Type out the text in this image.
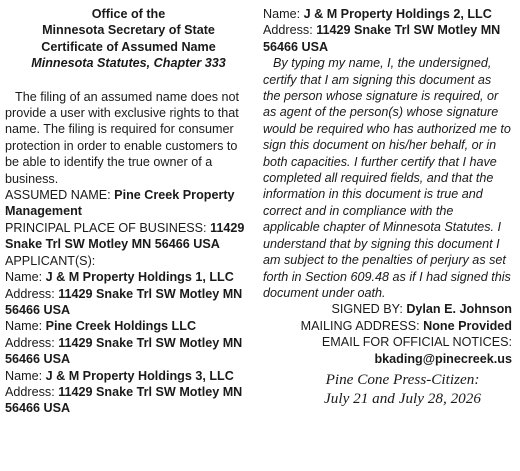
Office of the
Minnesota Secretary of State
Certificate of Assumed Name
Minnesota Statutes, Chapter 333
The filing of an assumed name does not provide a user with exclusive rights to that name. The filing is required for consumer protection in order to enable customers to be able to identify the true owner of a business.
ASSUMED NAME: Pine Creek Property Management
PRINCIPAL PLACE OF BUSINESS: 11429 Snake Trl SW Motley MN 56466 USA
APPLICANT(S):
Name: J & M Property Holdings 1, LLC
Address: 11429 Snake Trl SW Motley MN 56466 USA
Name: Pine Creek Holdings LLC
Address: 11429 Snake Trl SW Motley MN 56466 USA
Name: J & M Property Holdings 3, LLC
Address: 11429 Snake Trl SW Motley MN 56466 USA
Name: J & M Property Holdings 2, LLC
Address: 11429 Snake Trl SW Motley MN 56466 USA
By typing my name, I, the undersigned, certify that I am signing this document as the person whose signature is required, or as agent of the person(s) whose signature would be required who has authorized me to sign this document on his/her behalf, or in both capacities. I further certify that I have completed all required fields, and that the information in this document is true and correct and in compliance with the applicable chapter of Minnesota Statutes. I understand that by signing this document I am subject to the penalties of perjury as set forth in Section 609.48 as if I had signed this document under oath.
SIGNED BY: Dylan E. Johnson
MAILING ADDRESS: None Provided
EMAIL FOR OFFICIAL NOTICES:
bkading@pinecreek.us
Pine Cone Press-Citizen:
July 21 and July 28, 2026
